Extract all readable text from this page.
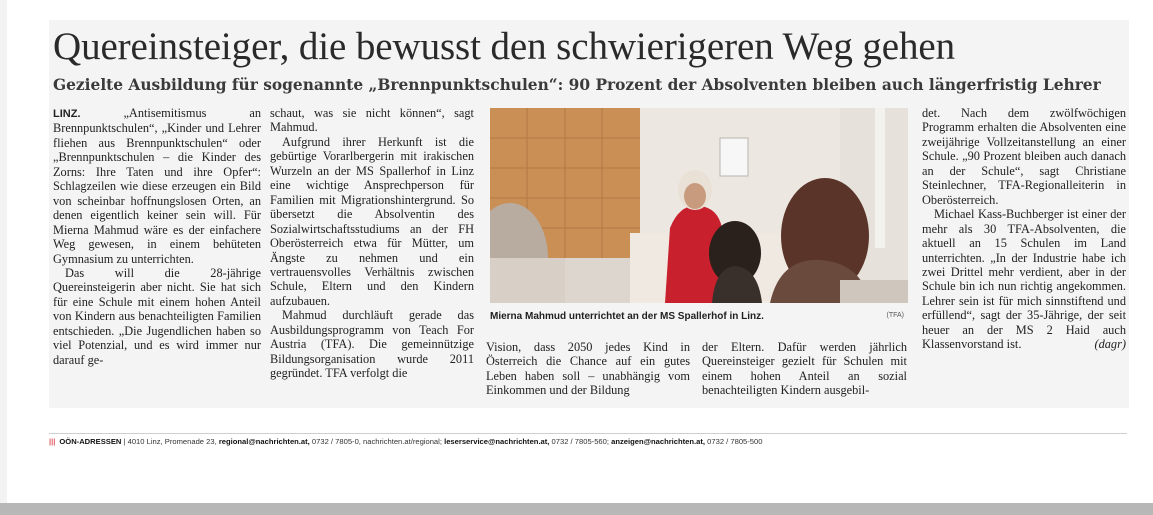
Quereinsteiger, die bewusst den schwierigeren Weg gehen
Gezielte Ausbildung für sogenannte „Brennpunktschulen“: 90 Prozent der Absolventen bleiben auch längerfristig Lehrer

LINZ.	„Antisemitismus an Brennpunktschulen“, „Kinder und Lehrer fliehen aus Brennpunktschulen“ oder „Brennpunktschulen – die Kinder des Zorns: Ihre Taten und ihre Opfer“: Schlagzeilen wie diese erzeugen ein Bild von scheinbar hoffnungslosen Orten, an denen eigentlich keiner sein will. Für Mierna Mahmud wäre es der einfachere Weg gewesen, in einem behüteten Gymnasium zu unterrichten.

Das will die 28-jährige Quereinsteigerin aber nicht. Sie hat sich für eine Schule mit einem hohen Anteil von Kindern aus benachteiligten Familien entschieden. „Die Jugendlichen haben so viel Potenzial, und es wird immer nur darauf ge-

schaut, was sie nicht können“, sagt Mahmud.

Aufgrund ihrer Herkunft ist die gebürtige Vorarlbergerin mit irakischen Wurzeln an der MS Spallerhof in Linz eine wichtige Ansprechperson für Familien mit Migrationshintergrund. So übersetzt die Absolventin des Sozialwirtschaftsstudiums an der FH Oberösterreich etwa für Mütter, um Ängste zu nehmen und ein vertrauensvolles Verhältnis zwischen Schule, Eltern und den Kindern aufzubauen.

Mahmud durchläuft gerade das Ausbildungsprogramm von Teach For Austria (TFA). Die gemeinnützige Bildungsorganisation wurde 2011 gegründet. TFA verfolgt die

Mierna Mahmud unterrichtet an der MS Spallerhof in Linz.	(TFA)

Vision, dass 2050 jedes Kind in Österreich die Chance auf ein gutes Leben haben soll – unabhängig vom Einkommen und der Bildung

der Eltern. Dafür werden jährlich Quereinsteiger gezielt für Schulen mit einem hohen Anteil an sozial benachteiligten Kindern ausgebil-

det. Nach dem zwölfwöchigen Programm erhalten die Absolventen eine zweijährige Vollzeitanstellung an einer Schule. „90 Prozent bleiben auch danach an der Schule“, sagt Christiane Steinlechner, TFA-Regionalleiterin in Oberösterreich.

Michael Kass-Buchberger ist einer der mehr als 30 TFA-Absolventen, die aktuell an 15 Schulen im Land unterrichten. „In der Industrie habe ich zwei Drittel mehr verdient, aber in der Schule bin ich nun richtig angekommen. Lehrer sein ist für mich sinnstiftend und erfüllend“, sagt der 35-Jährige, der seit heuer an der MS 2 Haid auch Klassenvorstand ist.	(dagr)

||| OÖN-ADRESSEN | 4010 Linz, Promenade 23, regional@nachrichten.at, 0732 / 7805-0, nachrichten.at/regional; leserservice@nachrichten.at, 0732 / 7805-560; anzeigen@nachrichten.at, 0732 / 7805-500
